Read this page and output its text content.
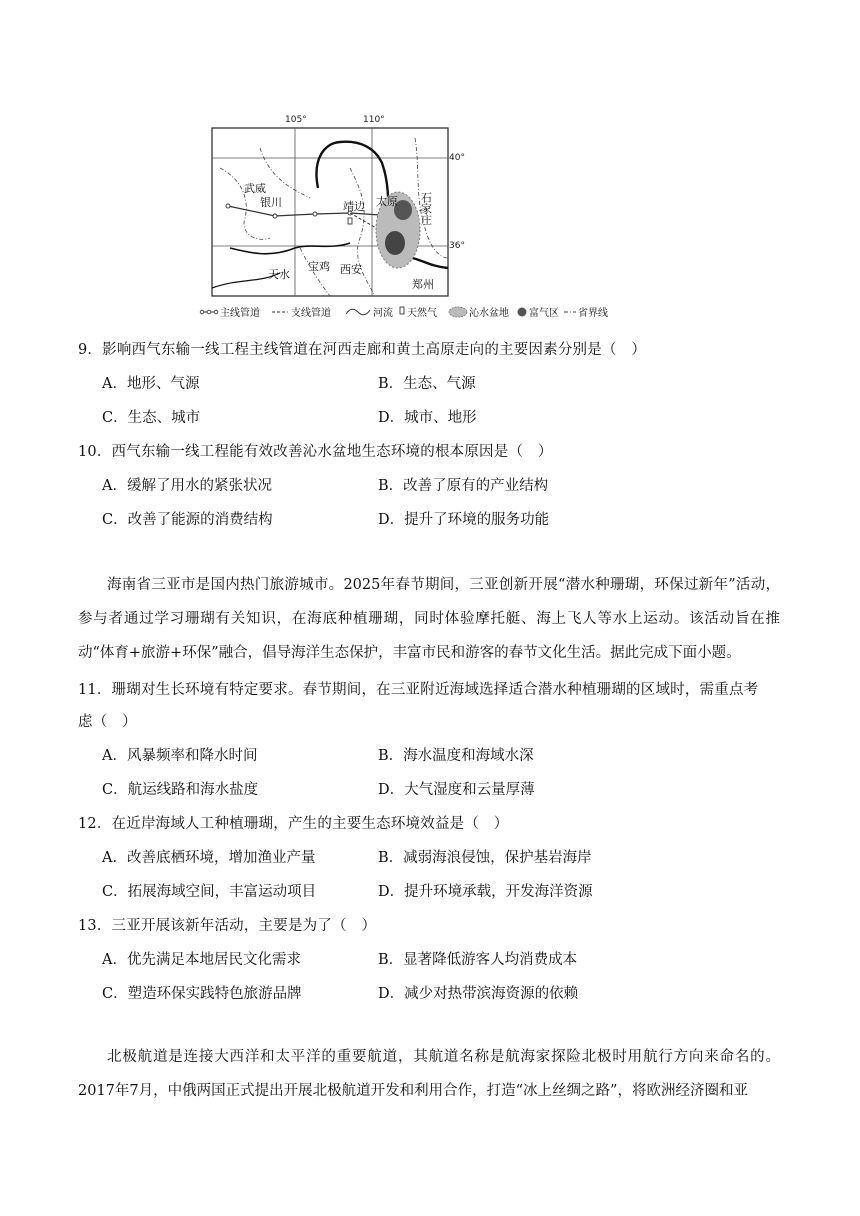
105°	110°
40°
36°
武威
银川	靖边 太原 石家庄
天水
宝鸡 西安
郑州
主线管道	支线管道	河流 天然气	沁水盆地 富气区 省界线
9．影响西气东输一线工程主线管道在河西走廊和黄土高原走向的主要因素分别是（　）
A．地形、气源	B．生态、气源
C．生态、城市	D．城市、地形
10．西气东输一线工程能有效改善沁水盆地生态环境的根本原因是（　）
A．缓解了用水的紧张状况	B．改善了原有的产业结构
C．改善了能源的消费结构	D．提升了环境的服务功能
海南省三亚市是国内热门旅游城市。2025年春节期间，三亚创新开展“潜水种珊瑚，环保过新年”活动，参与者通过学习珊瑚有关知识，在海底种植珊瑚，同时体验摩托艇、海上飞人等水上运动。该活动旨在推动“体育+旅游+环保”融合，倡导海洋生态保护，丰富市民和游客的春节文化生活。据此完成下面小题。
11．珊瑚对生长环境有特定要求。春节期间，在三亚附近海域选择适合潜水种植珊瑚的区域时，需重点考
虑（　）
A．风暴频率和降水时间	B．海水温度和海域水深
C．航运线路和海水盐度	D．大气湿度和云量厚薄
12．在近岸海域人工种植珊瑚，产生的主要生态环境效益是（　）
A．改善底栖环境，增加渔业产量	B．减弱海浪侵蚀，保护基岩海岸
C．拓展海域空间，丰富运动项目	D．提升环境承载，开发海洋资源
13．三亚开展该新年活动，主要是为了（　）
A．优先满足本地居民文化需求	B．显著降低游客人均消费成本
C．塑造环保实践特色旅游品牌	D．减少对热带滨海资源的依赖
北极航道是连接大西洋和太平洋的重要航道，其航道名称是航海家探险北极时用航行方向来命名的。2017年7月，中俄两国正式提出开展北极航道开发和利用合作，打造“冰上丝绸之路”，将欧洲经济圈和亚
